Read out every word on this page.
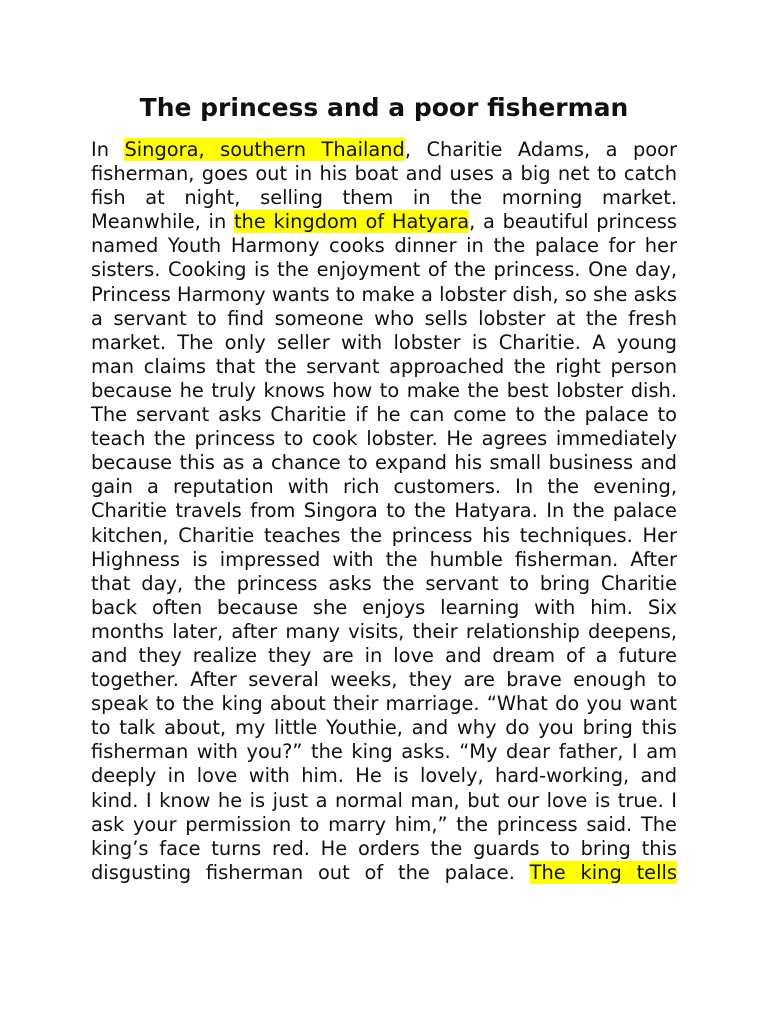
The princess and a poor fisherman

In Singora, southern Thailand, Charitie Adams, a poor fisherman, goes out in his boat and uses a big net to catch fish at night, selling them in the morning market. Meanwhile, in the kingdom of Hatyara, a beautiful princess named Youth Harmony cooks dinner in the palace for her sisters. Cooking is the enjoyment of the princess. One day, Princess Harmony wants to make a lobster dish, so she asks a servant to find someone who sells lobster at the fresh market. The only seller with lobster is Charitie. A young man claims that the servant approached the right person because he truly knows how to make the best lobster dish. The servant asks Charitie if he can come to the palace to teach the princess to cook lobster. He agrees immediately because this as a chance to expand his small business and gain a reputation with rich customers. In the evening, Charitie travels from Singora to the Hatyara. In the palace kitchen, Charitie teaches the princess his techniques. Her Highness is impressed with the humble fisherman. After that day, the princess asks the servant to bring Charitie back often because she enjoys learning with him. Six months later, after many visits, their relationship deepens, and they realize they are in love and dream of a future together. After several weeks, they are brave enough to speak to the king about their marriage. “What do you want to talk about, my little Youthie, and why do you bring this fisherman with you?” the king asks. “My dear father, I am deeply in love with him. He is lovely, hard-working, and kind. I know he is just a normal man, but our love is true. I ask your permission to marry him,” the princess said. The king’s face turns red. He orders the guards to bring this disgusting fisherman out of the palace. The king tells
